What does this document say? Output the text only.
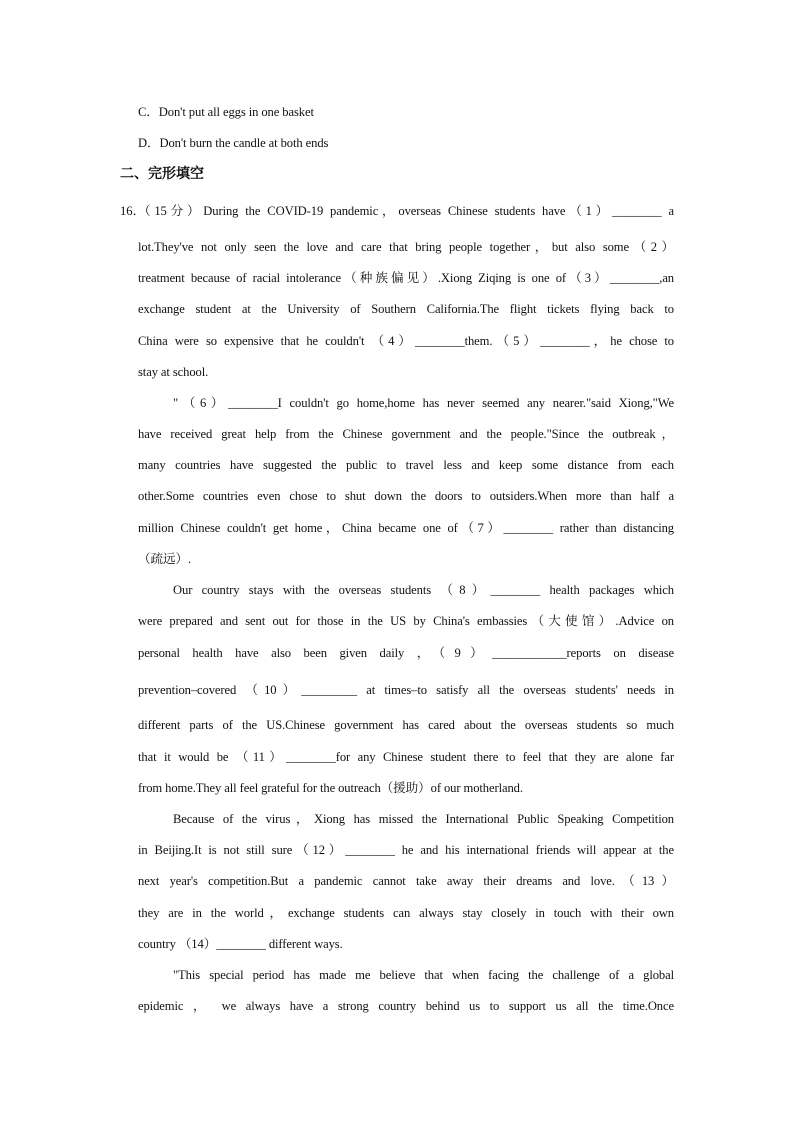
C．Don't put all eggs in one basket
D．Don't burn the candle at both ends
二、完形填空
16．
（15分）During the COVID-19 pandemic，overseas Chinese students have（1）________ a
lot.They've not only seen the love and care that bring people together，but also some（2）
treatment because of racial intolerance（种族偏见）.Xiong Ziqing is one of（3）________,an
exchange student at the University of Southern California.The flight tickets flying back to
China were so expensive that he couldn't （4）________them.（5）________，he chose to
stay at school.
"（6）________I couldn't go home,home has never seemed any nearer."said Xiong,"We
have received great help from the Chinese government and the people."Since the outbreak，
many countries have suggested the public to travel less and keep some distance from each
other.Some countries even chose to shut down the doors to outsiders.When more than half a
million Chinese couldn't get home，China became one of（7）________ rather than distancing
（疏远）.
Our country stays with the overseas students （8）________ health packages which
were prepared and sent out for those in the US by China's embassies（大使馆）.Advice on
personal health have also been given daily ，（9）____________reports on disease
prevention–covered （10）_________ at times–to satisfy all the overseas students' needs in
different parts of the US.Chinese government has cared about the overseas students so much
that it would be （11）________for any Chinese student there to feel that they are alone far
from home.They all feel grateful for the outreach（援助）of our motherland.
Because of the virus，Xiong has missed the International Public Speaking Competition
in Beijing.It is not still sure（12）________ he and his international friends will appear at the
next year's competition.But a pandemic cannot take away their dreams and love.（13）
they are in the world，exchange students can always stay closely in touch with their own
country （14）________ different ways.
"This special period has made me believe that when facing the challenge of a global
epidemic ， we always have a strong country behind us to support us all the time.Once
